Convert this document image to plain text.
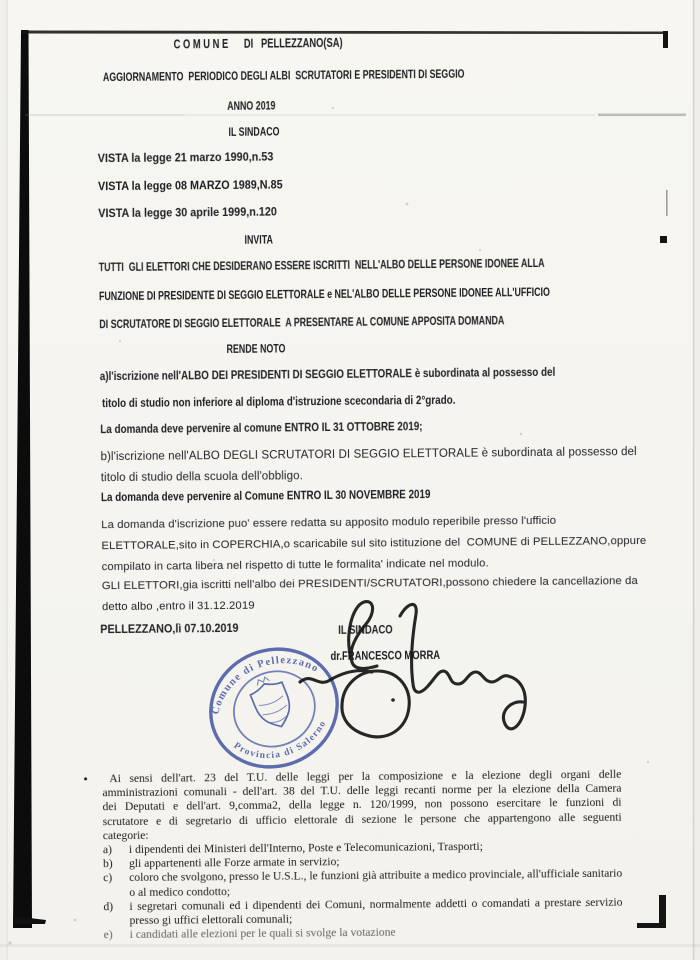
C O M U N E      DI   PELLEZZANO(SA)
AGGIORNAMENTO  PERIODICO DEGLI ALBI  SCRUTATORI E PRESIDENTI DI SEGGIO
ANNO 2019
IL SINDACO
VISTA la legge 21 marzo 1990,n.53
VISTA la legge 08 MARZO 1989,N.85
VISTA la legge 30 aprile 1999,n.120
INVITA
TUTTI  GLI ELETTORI CHE DESIDERANO ESSERE ISCRITTI  NELL'ALBO DELLE PERSONE IDONEE ALLA
FUNZIONE DI PRESIDENTE DI SEGGIO ELETTORALE e NEL'ALBO DELLE PERSONE IDONEE ALL'UFFICIO
DI SCRUTATORE DI SEGGIO ELETTORALE  A PRESENTARE AL COMUNE APPOSITA DOMANDA
RENDE NOTO
a)l'iscrizione nell'ALBO DEI PRESIDENTI DI SEGGIO ELETTORALE è subordinata al possesso del
titolo di studio non inferiore al diploma d'istruzione scecondaria di 2°grado.
La domanda deve pervenire al comune ENTRO IL 31 OTTOBRE 2019;
b)l'iscrizione nell'ALBO DEGLI SCRUTATORI DI SEGGIO ELETTORALE è subordinata al possesso del titolo di studio della scuola dell'obbligo.
La domanda deve pervenire al Comune ENTRO IL 30 NOVEMBRE 2019
La domanda d'iscrizione puo' essere redatta su apposito modulo reperibile presso l'ufficio ELETTORALE,sito in COPERCHIA,o scaricabile sul sito istituzione del  COMUNE di PELLEZZANO,oppure compilato in carta libera nel rispetto di tutte le formalita' indicate nel modulo.
GLI ELETTORI,gia iscritti nell'albo dei PRESIDENTI/SCRUTATORI,possono chiedere la cancellazione da detto albo ,entro il 31.12.2019
PELLEZZANO,lì 07.10.2019	IL SINDACO
dr.FRANCESCO MORRA
Comune di Pellezzano
Provincia di Salerno
•	Ai sensi dell'art. 23 del T.U. delle leggi per la composizione e la elezione degli organi delle amministrazioni comunali - dell'art. 38 del T.U. delle leggi recanti norme per la elezione della Camera dei Deputati e dell'art. 9,comma2, della legge n. 120/1999, non possono esercitare le funzioni di scrutatore e di segretario di ufficio elettorale di sezione le persone che appartengono alle seguenti categorie:
a)	i dipendenti dei Ministeri dell'Interno, Poste e Telecomunicazioni, Trasporti;
b)	gli appartenenti alle Forze armate in servizio;
c)	coloro che svolgono, presso le U.S.L., le funzioni già attribuite a medico provinciale, all'ufficiale sanitario o al medico condotto;
d)	i segretari comunali ed i dipendenti dei Comuni, normalmente addetti o comandati a prestare servizio presso gi uffici elettorali comunali;
e)	i candidati alle elezioni per le quali si svolge la votazione
